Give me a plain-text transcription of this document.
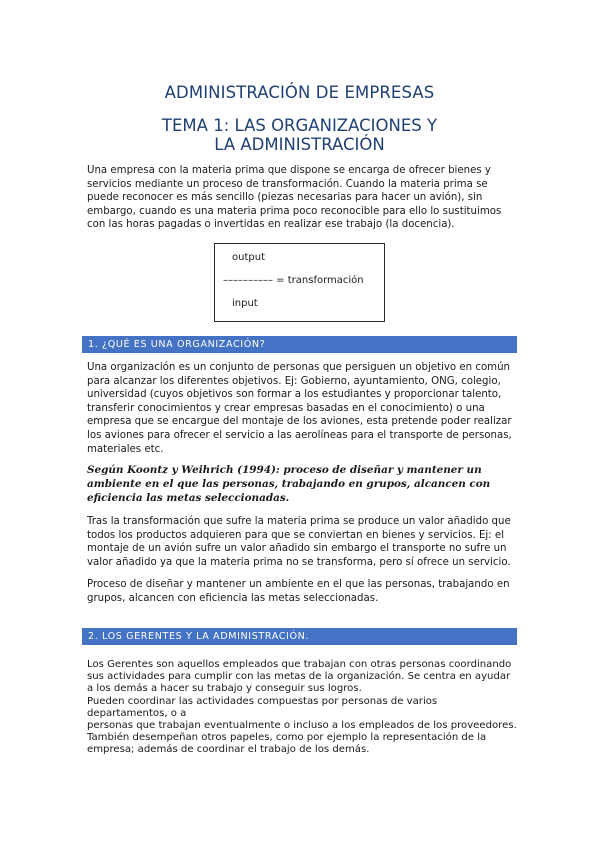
ADMINISTRACIÓN DE EMPRESAS
TEMA 1: LAS ORGANIZACIONES Y
LA ADMINISTRACIÓN

Una empresa con la materia prima que dispone se encarga de ofrecer bienes y servicios mediante un proceso de transformación. Cuando la materia prima se puede reconocer es más sencillo (piezas necesarias para hacer un avión), sin embargo, cuando es una materia prima poco reconocible para ello lo sustituimos con las horas pagadas o invertidas en realizar ese trabajo (la docencia).

output
–––––––––– = transformación
input
1. ¿QUÉ ES UNA ORGANIZACIÓN?

Una organización es un conjunto de personas que persiguen un objetivo en común para alcanzar los diferentes objetivos. Ej: Gobierno, ayuntamiento, ONG, colegio, universidad (cuyos objetivos son formar a los estudiantes y proporcionar talento, transferir conocimientos y crear empresas basadas en el conocimiento) o una empresa que se encargue del montaje de los aviones, esta pretende poder realizar los aviones para ofrecer el servicio a las aerolíneas para el transporte de personas, materiales etc.

Según Koontz y Weihrich (1994): proceso de diseñar y mantener un ambiente en el que las personas, trabajando en grupos, alcancen con eficiencia las metas seleccionadas.

Tras la transformación que sufre la materia prima se produce un valor añadido que todos los productos adquieren para que se conviertan en bienes y servicios. Ej: el montaje de un avión sufre un valor añadido sin embargo el transporte no sufre un valor añadido ya que la materia prima no se transforma, pero sí ofrece un servicio.

Proceso de diseñar y mantener un ambiente en el que las personas, trabajando en grupos, alcancen con eficiencia las metas seleccionadas.

2. LOS GERENTES Y LA ADMINISTRACIÓN.

Los Gerentes son aquellos empleados que trabajan con otras personas coordinando sus actividades para cumplir con las metas de la organización. Se centra en ayudar a los demás a hacer su trabajo y conseguir sus logros.
Pueden coordinar las actividades compuestas por personas de varios departamentos, o a
personas que trabajan eventualmente o incluso a los empleados de los proveedores.
También desempeñan otros papeles, como por ejemplo la representación de la empresa; además de coordinar el trabajo de los demás.
